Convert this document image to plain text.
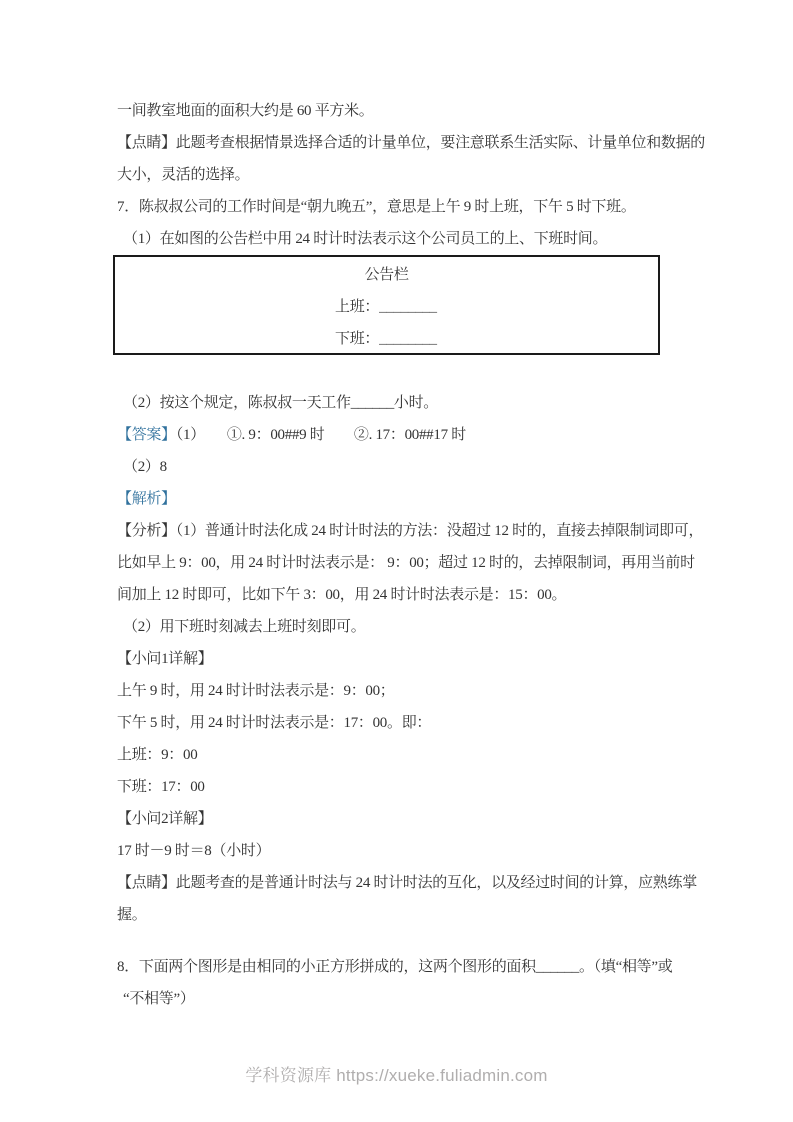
一间教室地面的面积大约是 60 平方米。
【点睛】此题考查根据情景选择合适的计量单位，要注意联系生活实际、计量单位和数据的
大小，灵活的选择。
7．陈叔叔公司的工作时间是“朝九晚五”，意思是上午 9 时上班，下午 5 时下班。
（1）在如图的公告栏中用 24 时计时法表示这个公司员工的上、下班时间。
公告栏
上班：________
下班：________
（2）按这个规定，陈叔叔一天工作______小时。
【答案】（1）　　①. 9：00##9 时　　②. 17：00##17 时
（2）8
【解析】
【分析】（1）普通计时法化成 24 时计时法的方法：没超过 12 时的，直接去掉限制词即可，
比如早上 9：00，用 24 时计时法表示是： 9：00；超过 12 时的，去掉限制词，再用当前时
间加上 12 时即可，比如下午 3：00，用 24 时计时法表示是：15：00。
（2）用下班时刻减去上班时刻即可。
【小问1详解】
上午 9 时，用 24 时计时法表示是：9：00；
下午 5 时，用 24 时计时法表示是：17：00。即：
上班：9：00
下班：17：00
【小问2详解】
17 时－9 时＝8（小时）
【点睛】此题考查的是普通计时法与 24 时计时法的互化，以及经过时间的计算，应熟练掌
握。
8．下面两个图形是由相同的小正方形拼成的，这两个图形的面积______。（填“相等”或
“不相等”）
学科资源库 https://xueke.fuliadmin.com
